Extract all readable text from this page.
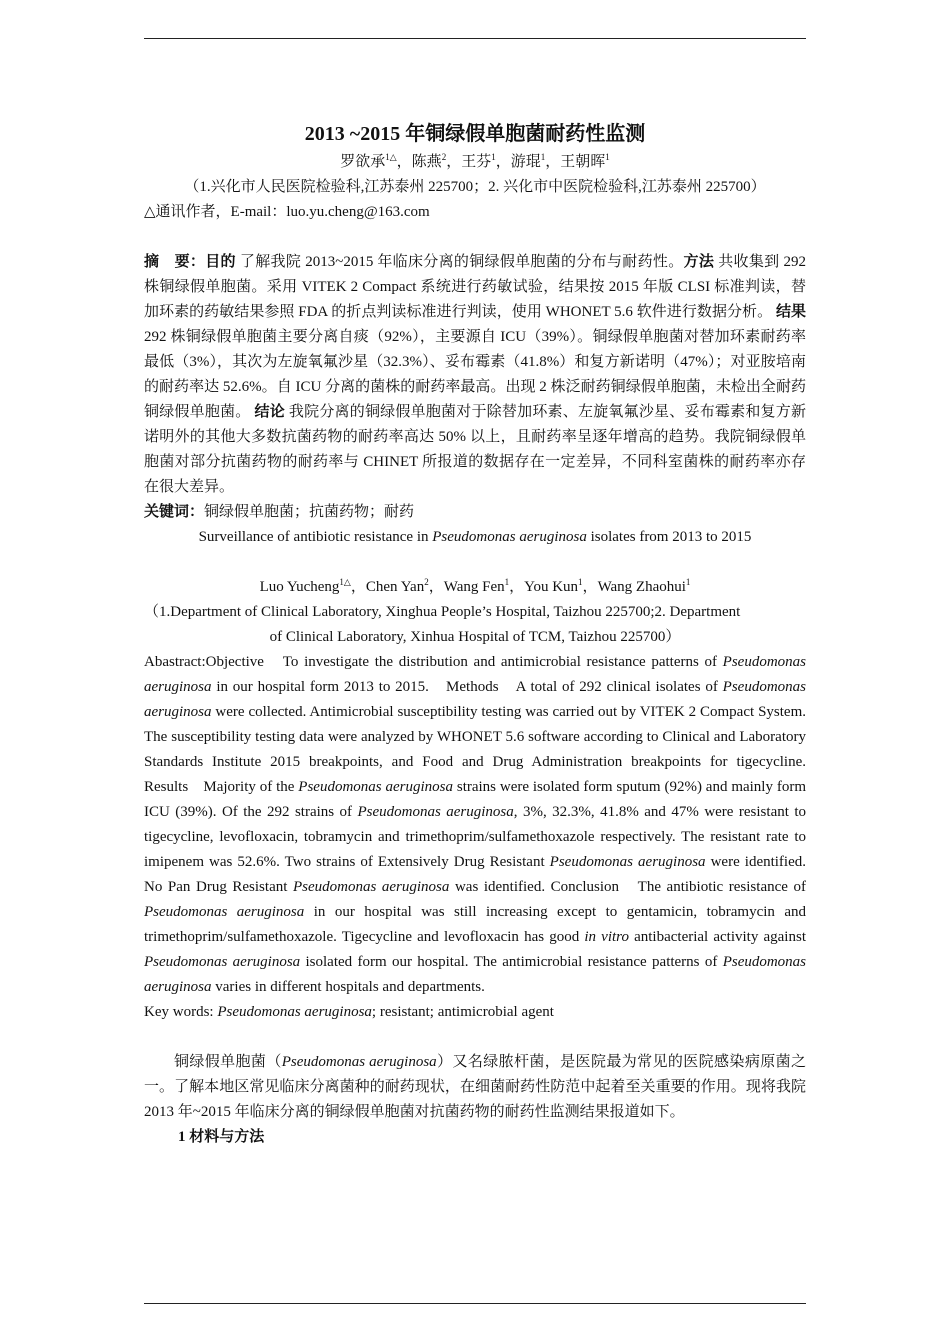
2013 ~2015 年铜绿假单胞菌耐药性监测
罗欲承$^{1\triangle}$，陈燕$^2$，王芬$^1$，游琨$^1$，王朝晖$^1$
（1.兴化市人民医院检验科,江苏泰州 225700；2. 兴化市中医院检验科,江苏泰州 225700）
△通讯作者，E-mail：luo.yu.cheng@163.com
摘　要：目的 了解我院 2013~2015 年临床分离的铜绿假单胞菌的分布与耐药性。方法 共收集到 292 株铜绿假单胞菌。采用 VITEK 2 Compact 系统进行药敏试验，结果按 2015 年版 CLSI 标准判读，替加环素的药敏结果参照 FDA 的折点判读标准进行判读，使用 WHONET 5.6 软件进行数据分析。 结果 292 株铜绿假单胞菌主要分离自痰（92%），主要源自 ICU（39%）。铜绿假单胞菌对替加环素耐药率最低（3%），其次为左旋氧氟沙星（32.3%）、妥布霉素（41.8%）和复方新诺明（47%）；对亚胺培南的耐药率达 52.6%。自 ICU 分离的菌株的耐药率最高。出现 2 株泛耐药铜绿假单胞菌，未检出全耐药铜绿假单胞菌。 结论 我院分离的铜绿假单胞菌对于除替加环素、左旋氧氟沙星、妥布霉素和复方新诺明外的其他大多数抗菌药物的耐药率高达 50% 以上，且耐药率呈逐年增高的趋势。我院铜绿假单胞菌对部分抗菌药物的耐药率与 CHINET 所报道的数据存在一定差异，不同科室菌株的耐药率亦存在很大差异。
关键词：铜绿假单胞菌；抗菌药物；耐药
Surveillance of antibiotic resistance in Pseudomonas aeruginosa isolates from 2013 to 2015
Luo Yucheng$^{1\triangle}$，Chen Yan$^2$，Wang Fen$^1$，You Kun$^1$，Wang Zhaohui$^1$
（1.Department of Clinical Laboratory, Xinghua People’s Hospital, Taizhou 225700;2. Department
of Clinical Laboratory, Xinhua Hospital of TCM, Taizhou 225700）
Abastract:Objective　To investigate the distribution and antimicrobial resistance patterns of Pseudomonas aeruginosa in our hospital form 2013 to 2015.　Methods　A total of 292 clinical isolates of Pseudomonas aeruginosa were collected. Antimicrobial susceptibility testing was carried out by VITEK 2 Compact System. The susceptibility testing data were analyzed by WHONET 5.6 software according to Clinical and Laboratory Standards Institute 2015 breakpoints, and Food and Drug Administration breakpoints for tigecycline.　Results　Majority of the Pseudomonas aeruginosa strains were isolated form sputum (92%) and mainly form ICU (39%). Of the 292 strains of Pseudomonas aeruginosa, 3%, 32.3%, 41.8% and 47% were resistant to tigecycline, levofloxacin, tobramycin and trimethoprim/sulfamethoxazole respectively. The resistant rate to imipenem was 52.6%. Two strains of Extensively Drug Resistant Pseudomonas aeruginosa were identified. No Pan Drug Resistant Pseudomonas aeruginosa was identified. Conclusion　The antibiotic resistance of Pseudomonas aeruginosa in our hospital was still increasing except to gentamicin, tobramycin and trimethoprim/sulfamethoxazole. Tigecycline and levofloxacin has good in vitro antibacterial activity against Pseudomonas aeruginosa isolated form our hospital. The antimicrobial resistance patterns of Pseudomonas aeruginosa varies in different hospitals and departments.
Key words: Pseudomonas aeruginosa; resistant; antimicrobial agent
铜绿假单胞菌（Pseudomonas aeruginosa）又名绿脓杆菌，是医院最为常见的医院感染病原菌之一。了解本地区常见临床分离菌种的耐药现状，在细菌耐药性防范中起着至关重要的作用。现将我院 2013 年~2015 年临床分离的铜绿假单胞菌对抗菌药物的耐药性监测结果报道如下。
1 材料与方法
